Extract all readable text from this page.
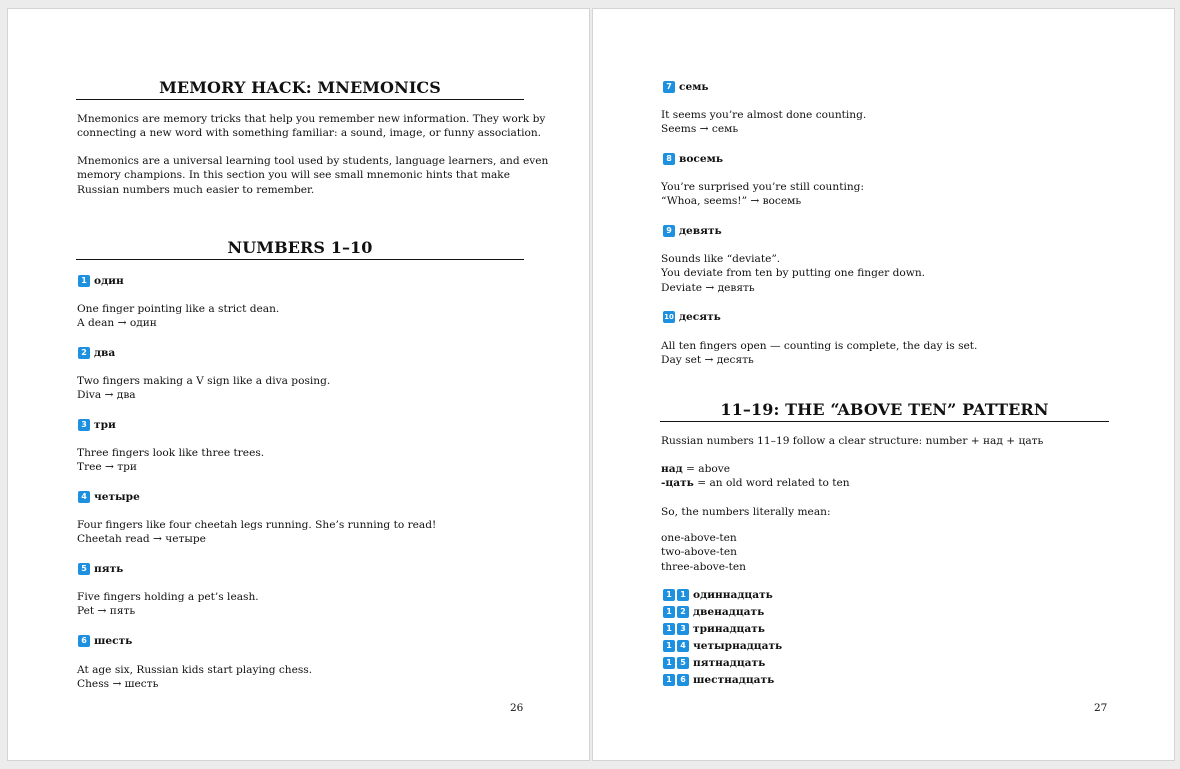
MEMORY HACK: MNEMONICS
Mnemonics are memory tricks that help you remember new information. They work by
connecting a new word with something familiar: a sound, image, or funny association.
Mnemonics are a universal learning tool used by students, language learners, and even
memory champions. In this section you will see small mnemonic hints that make
Russian numbers much easier to remember.
NUMBERS 1–10
1 один
One finger pointing like a strict dean.
A dean → один
2 два
Two fingers making a V sign like a diva posing.
Diva → два
3 три
Three fingers look like three trees.
Tree → три
4 четыре
Four fingers like four cheetah legs running. She’s running to read!
Cheetah read → четыре
5 пять
Five fingers holding a pet’s leash.
Pet → пять
6 шесть
At age six, Russian kids start playing chess.
Chess → шесть
26
7 семь
It seems you’re almost done counting.
Seems → семь
8 восемь
You’re surprised you’re still counting:
“Whoa, seems!” → восемь
9 девять
Sounds like “deviate”.
You deviate from ten by putting one finger down.
Deviate → девять
10 десять
All ten fingers open — counting is complete, the day is set.
Day set → десять
11–19: THE “ABOVE TEN” PATTERN
Russian numbers 11–19 follow a clear structure: number + над + цать
над = above
-цать = an old word related to ten
So, the numbers literally mean:
one-above-ten
two-above-ten
three-above-ten
1	1 одиннадцать
1	2 двенадцать
1	3 тринадцать
1	4 четырнадцать
1	5 пятнадцать
1	6 шестнадцать
27
